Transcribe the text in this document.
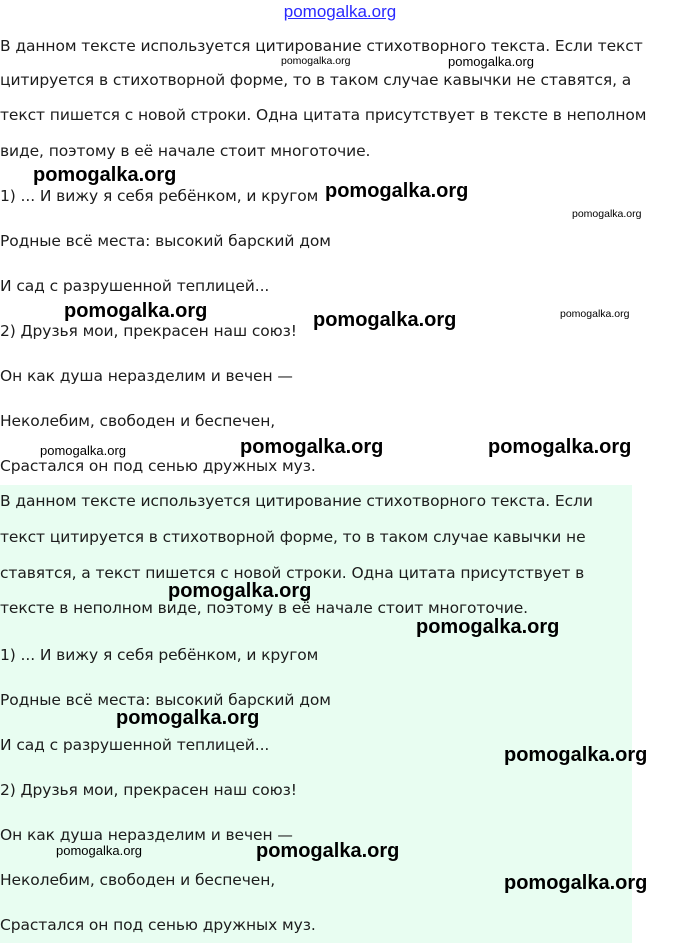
pomogalka.org
В данном тексте используется цитирование стихотворного текста. Если текст
цитируется в стихотворной форме, то в таком случае кавычки не ставятся, а
текст пишется с новой строки. Одна цитата присутствует в тексте в неполном
виде, поэтому в её начале стоит многоточие.
1) ... И вижу я себя ребёнком, и кругом
Родные всё места: высокий барский дом
И сад с разрушенной теплицей...
2) Друзья мои, прекрасен наш союз!
Он как душа неразделим и вечен —
Неколебим, свободен и беспечен,
Срастался он под сенью дружных муз.
В данном тексте используется цитирование стихотворного текста. Если
текст цитируется в стихотворной форме, то в таком случае кавычки не
ставятся, а текст пишется с новой строки. Одна цитата присутствует в
тексте в неполном виде, поэтому в её начале стоит многоточие.
1) ... И вижу я себя ребёнком, и кругом
Родные всё места: высокий барский дом
И сад с разрушенной теплицей...
2) Друзья мои, прекрасен наш союз!
Он как душа неразделим и вечен —
Неколебим, свободен и беспечен,
Срастался он под сенью дружных муз.
pomogalka.org	pomogalka.org
pomogalka.org
pomogalka.org
pomogalka.org
pomogalka.org	pomogalka.org	pomogalka.org
pomogalka.org	pomogalka.org	pomogalka.org
pomogalka.org
pomogalka.org
pomogalka.org
pomogalka.org
pomogalka.org	pomogalka.org
pomogalka.org
